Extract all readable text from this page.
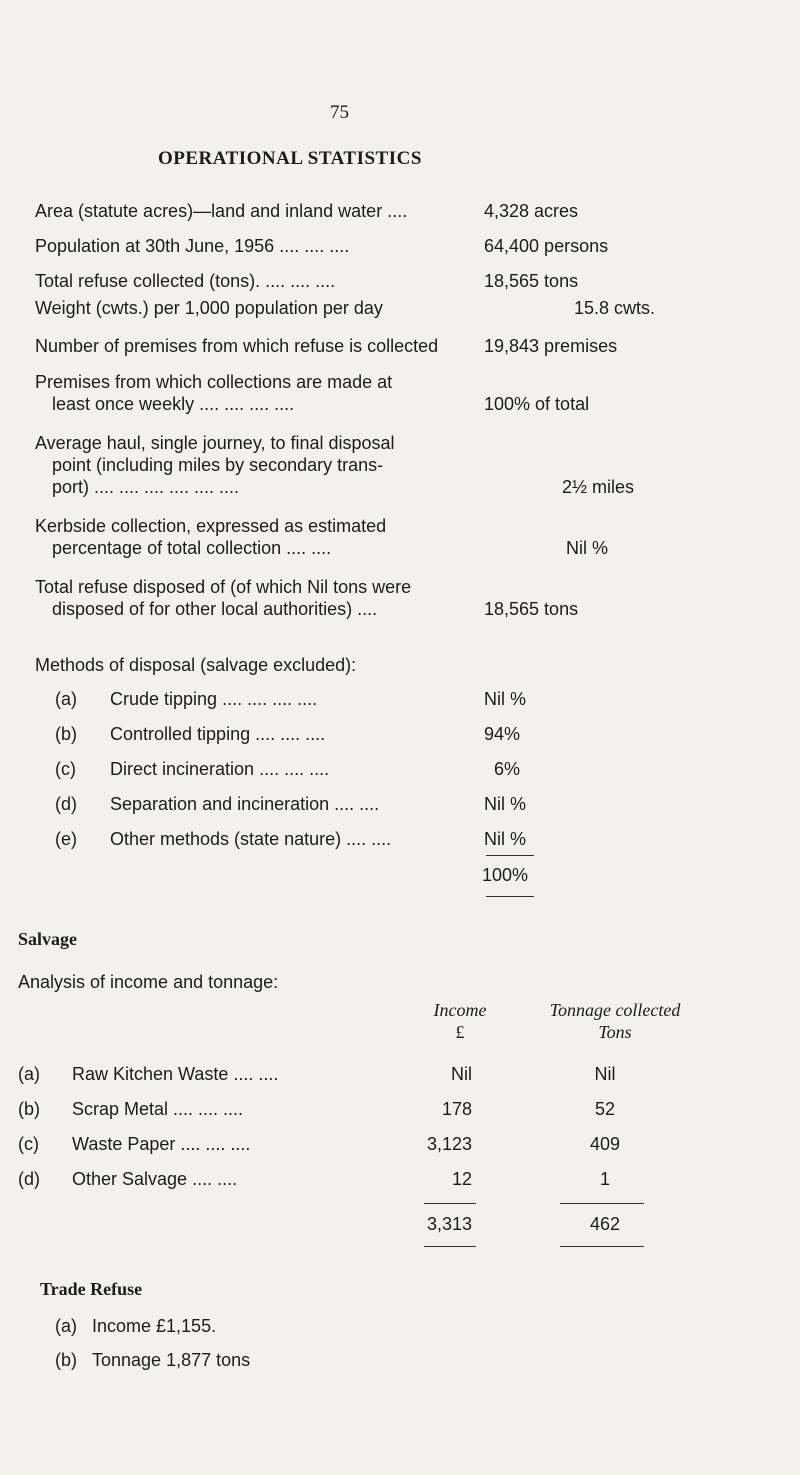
75
OPERATIONAL STATISTICS
Area (statute acres)—land and inland water ....	4,328 acres
Population at 30th June, 1956 .... .... ....	64,400 persons
Total refuse collected (tons). .... .... ....	18,565 tons
Weight (cwts.) per 1,000 population per day	15.8 cwts.
Number of premises from which refuse is collected	19,843 premises
Premises from which collections are made at
least once weekly .... .... .... ....	100% of total
Average haul, single journey, to final disposal
point (including miles by secondary trans-
port) .... .... .... .... .... ....	2½ miles
Kerbside collection, expressed as estimated
percentage of total collection .... ....	Nil %
Total refuse disposed of (of which Nil tons were
disposed of for other local authorities) ....	18,565 tons
Methods of disposal (salvage excluded):
(a) Crude tipping .... .... .... ....	Nil %
(b) Controlled tipping .... .... ....	94%
(c) Direct incineration .... .... ....	6%
(d) Separation and incineration .... ....	Nil %
(e) Other methods (state nature) .... ....	Nil %
100%
Salvage
Analysis of income and tonnage:
Income
£
Tonnage collected
Tons
(a) Raw Kitchen Waste .... ....	Nil	Nil
(b) Scrap Metal .... .... ....	178	52
(c) Waste Paper .... .... ....	3,123	409
(d) Other Salvage .... ....	12	1
3,313	462
Trade Refuse
(a) Income £1,155.
(b) Tonnage 1,877 tons
